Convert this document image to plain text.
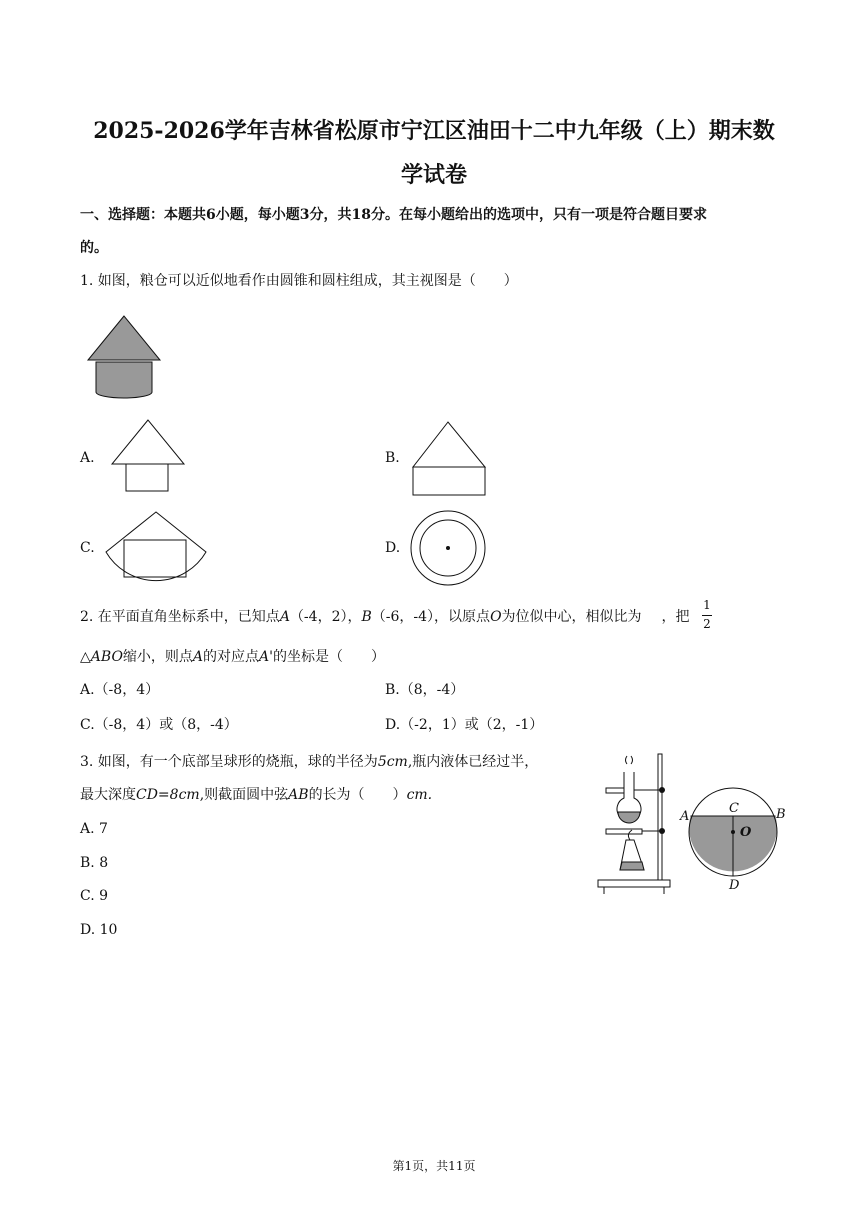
2025-2026学年吉林省松原市宁江区油田十二中九年级（上）期末数
学试卷
一、选择题：本题共6小题，每小题3分，共18分。在每小题给出的选项中，只有一项是符合题目要求
的。
1. 如图，粮仓可以近似地看作由圆锥和圆柱组成，其主视图是（　　）
A.	B.
C.	D.
2. 在平面直角坐标系中，已知点A（-4，2），B（-6，-4），以原点O为位似中心，相似比为 ，把
1
2
△ABO缩小，则点A的对应点A'的坐标是（　　）
A.（-8，4）	B.（8，-4）
C.（-8，4）或（8，-4）	D.（-2，1）或（2，-1）
3. 如图，有一个底部呈球形的烧瓶，球的半径为5cm,瓶内液体已经过半，
最大深度CD=8cm,则截面圆中弦AB的长为（　　）cm.
A. 7
B. 8
C. 9
D. 10
A	B
C
O
D
第1页，共11页
